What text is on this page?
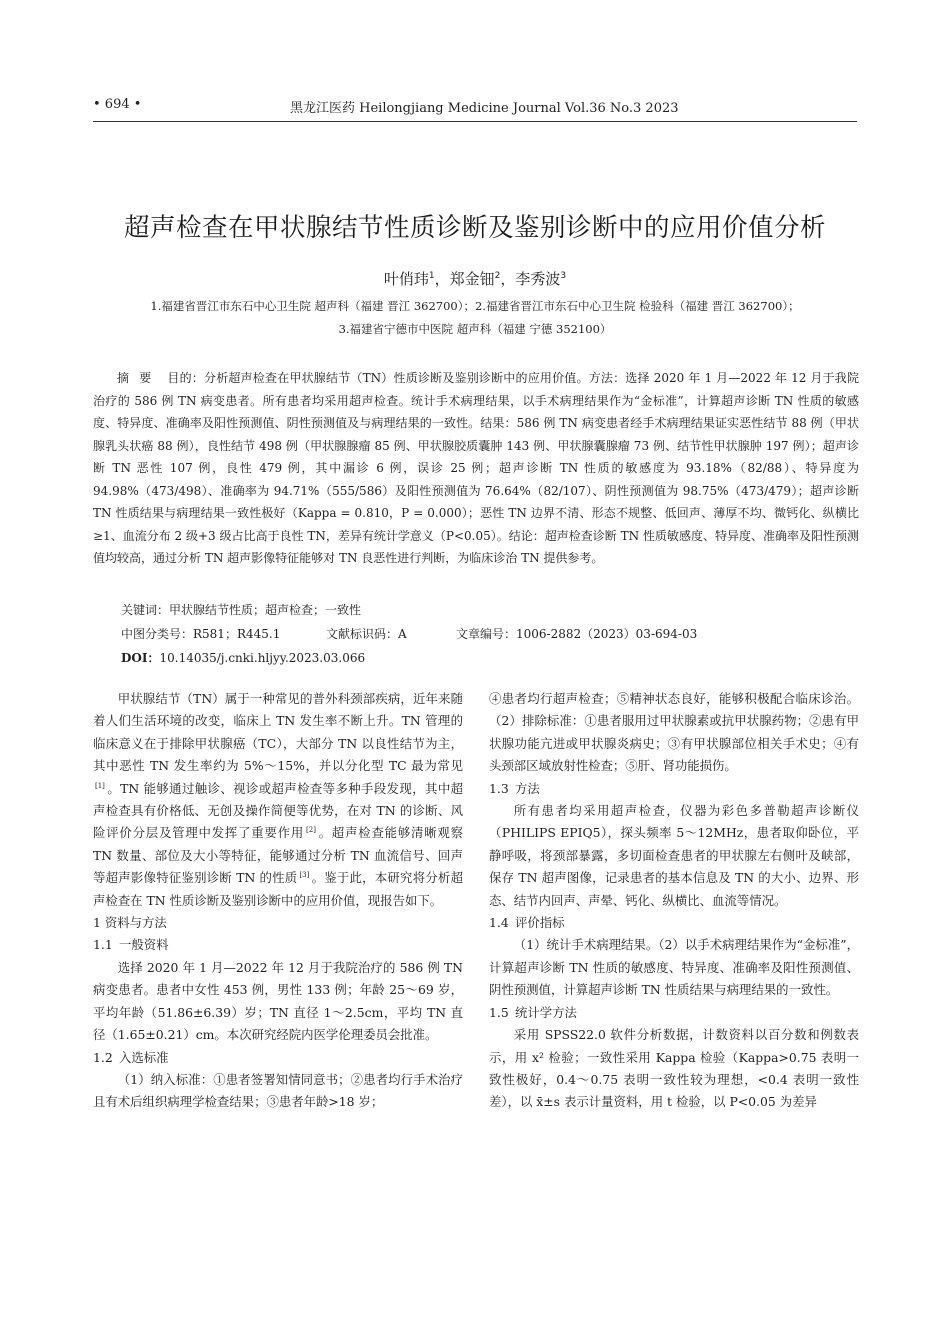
• 694 •	黑龙江医药 Heilongjiang Medicine Journal Vol.36 No.3 2023
超声检查在甲状腺结节性质诊断及鉴别诊断中的应用价值分析
叶俏玮$^1$，郑金钿$^2$，李秀波$^3$
1.福建省晋江市东石中心卫生院 超声科（福建 晋江 362700）；2.福建省晋江市东石中心卫生院 检验科（福建 晋江 362700）；
3.福建省宁德市中医院 超声科（福建 宁德 352100）

摘要 目的：分析超声检查在甲状腺结节（TN）性质诊断及鉴别诊断中的应用价值。方法：选择 2020 年 1 月—2022 年 12 月于我院治疗的 586 例 TN 病变患者。所有患者均采用超声检查。统计手术病理结果，以手术病理结果作为“金标准”，计算超声诊断 TN 性质的敏感度、特异度、准确率及阳性预测值、阴性预测值及与病理结果的一致性。结果：586 例 TN 病变患者经手术病理结果证实恶性结节 88 例（甲状腺乳头状癌 88 例），良性结节 498 例（甲状腺腺瘤 85 例、甲状腺胶质囊肿 143 例、甲状腺囊腺瘤 73 例、结节性甲状腺肿 197 例）；超声诊断 TN 恶性 107 例，良性 479 例，其中漏诊 6 例，误诊 25 例；超声诊断 TN 性质的敏感度为 93.18%（82/88）、特异度为 94.98%（473/498）、准确率为 94.71%（555/586）及阳性预测值为 76.64%（82/107）、阴性预测值为 98.75%（473/479）；超声诊断 TN 性质结果与病理结果一致性极好（Kappa = 0.810，P = 0.000）；恶性 TN 边界不清、形态不规整、低回声、薄厚不均、微钙化、纵横比≥1、血流分布 2 级+3 级占比高于良性 TN，差异有统计学意义（P<0.05）。结论：超声检查诊断 TN 性质敏感度、特异度、准确率及阳性预测值均较高，通过分析 TN 超声影像特征能够对 TN 良恶性进行判断，为临床诊治 TN 提供参考。

关键词：甲状腺结节性质；超声检查；一致性
中图分类号：R581；R445.1	文献标识码：A	文章编号：1006-2882（2023）03-694-03
DOI：10.14035/j.cnki.hljyy.2023.03.066

甲状腺结节（TN）属于一种常见的普外科颈部疾病，近年来随着人们生活环境的改变，临床上 TN 发生率不断上升。TN 管理的临床意义在于排除甲状腺癌（TC），大部分 TN 以良性结节为主，其中恶性 TN 发生率约为 5%～15%，并以分化型 TC 最为常见[1] 。TN 能够通过触诊、视诊或超声检查等多种手段发现，其中超声检查具有价格低、无创及操作简便等优势，在对 TN 的诊断、风险评价分层及管理中发挥了重要作用 [2] 。超声检查能够清晰观察 TN 数量、部位及大小等特征，能够通过分析 TN 血流信号、回声等超声影像特征鉴别诊断 TN 的性质 [3] 。鉴于此，本研究将分析超声检查在 TN 性质诊断及鉴别诊断中的应用价值，现报告如下。

1 资料与方法

1.1 一般资料

选择 2020 年 1 月—2022 年 12 月于我院治疗的 586 例 TN 病变患者。患者中女性 453 例，男性 133 例；年龄 25～69 岁，平均年龄（51.86±6.39）岁；TN 直径 1～2.5cm，平均 TN 直径（1.65±0.21）cm。本次研究经院内医学伦理委员会批准。

1.2 入选标准

（1）纳入标准：①患者签署知情同意书；②患者均行手术治疗且有术后组织病理学检查结果；③患者年龄>18 岁；

④患者均行超声检查；⑤精神状态良好，能够积极配合临床诊治。（2）排除标准：①患者服用过甲状腺素或抗甲状腺药物；②患有甲状腺功能亢进或甲状腺炎病史；③有甲状腺部位相关手术史；④有头颈部区域放射性检查；⑤肝、肾功能损伤。

1.3 方法

所有患者均采用超声检查，仪器为彩色多普勒超声诊断仪（PHILIPS EPIQ5），探头频率 5～12MHz，患者取仰卧位，平静呼吸，将颈部暴露，多切面检查患者的甲状腺左右侧叶及峡部，保存 TN 超声图像，记录患者的基本信息及 TN 的大小、边界、形态、结节内回声、声晕、钙化、纵横比、血流等情况。

1.4 评价指标

（1）统计手术病理结果。（2）以手术病理结果作为“金标准”，计算超声诊断 TN 性质的敏感度、特异度、准确率及阳性预测值、阴性预测值，计算超声诊断 TN 性质结果与病理结果的一致性。

1.5 统计学方法

采用 SPSS22.0 软件分析数据，计数资料以百分数和例数表示，用 x² 检验；一致性采用 Kappa 检验（Kappa>0.75 表明一致性极好，0.4～0.75 表明一致性较为理想，<0.4 表明一致性差），以 x̄±s 表示计量资料，用 t 检验，以 P<0.05 为差异
